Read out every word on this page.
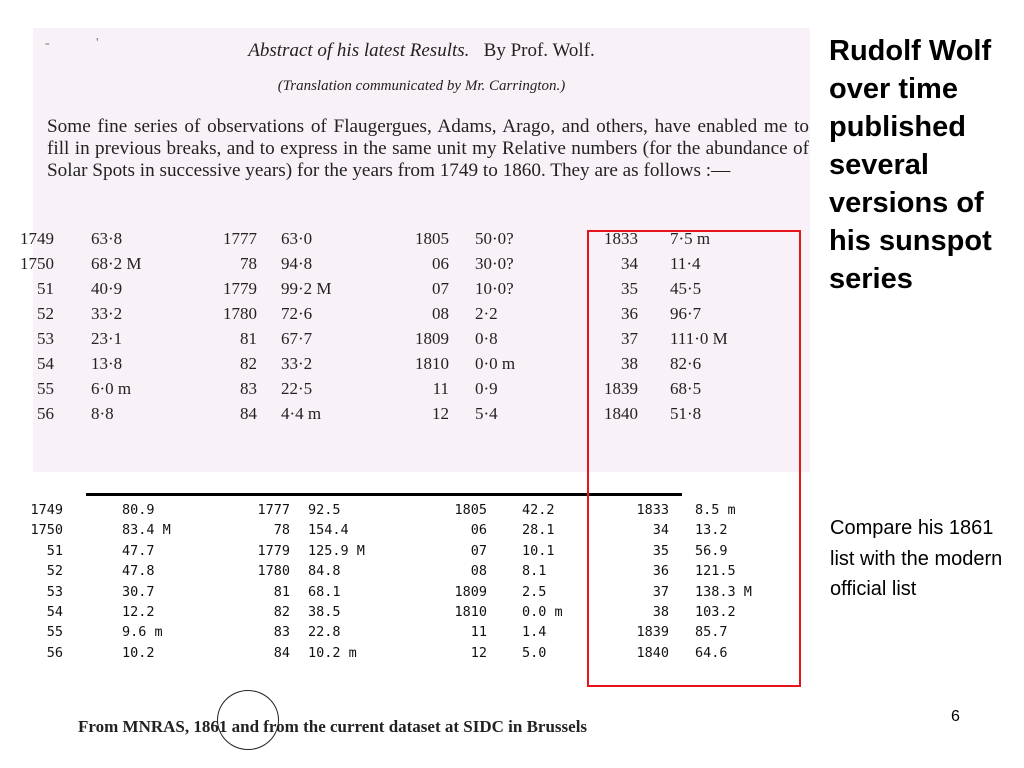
-	'	Abstract of his latest Results. By Prof. Wolf.
(Translation communicated by Mr. Carrington.)

Some fine series of observations of Flaugergues, Adams, Arago, and others, have enabled me to fill in previous breaks, and to express in the same unit my Relative numbers (for the abundance of Solar Spots in successive years) for the years from 1749 to 1860. They are as follows :—

1749 63·8	1777 63·0	1805 50·0?	1833 7·5 m
1750 68·2 M	78 94·8	06 30·0?	34 11·4
51 40·9	1779 99·2 M	07 10·0?	35 45·5
52 33·2	1780 72·6	08 2·2	36 96·7
53 23·1	81 67·7	1809 0·8	37 111·0 M
54 13·8	82 33·2	1810 0·0 m	38 82·6
55 6·0 m	83 22·5	11 0·9	1839 68·5
56 8·8	84 4·4 m	12 5·4	1840 51·8
1749	80.9	1777 92.5	1805	42.2	1833 8.5 m
1750	83.4 M	78 154.4	06	28.1	34 13.2
51	47.7	1779 125.9 M	07	10.1	35 56.9
52	47.8	1780 84.8	08	8.1	36 121.5
53	30.7	81 68.1	1809	2.5	37 138.3 M
54	12.2	82 38.5	1810	0.0 m	38 103.2
55	9.6 m	83 22.8	11	1.4	1839 85.7
56	10.2	84 10.2 m	12	5.0	1840 64.6
From MNRAS, 1861 and from the current dataset at SIDC in Brussels

Rudolf Wolf over time published several versions of his sunspot series

Compare his 1861 list with the modern official list

6
